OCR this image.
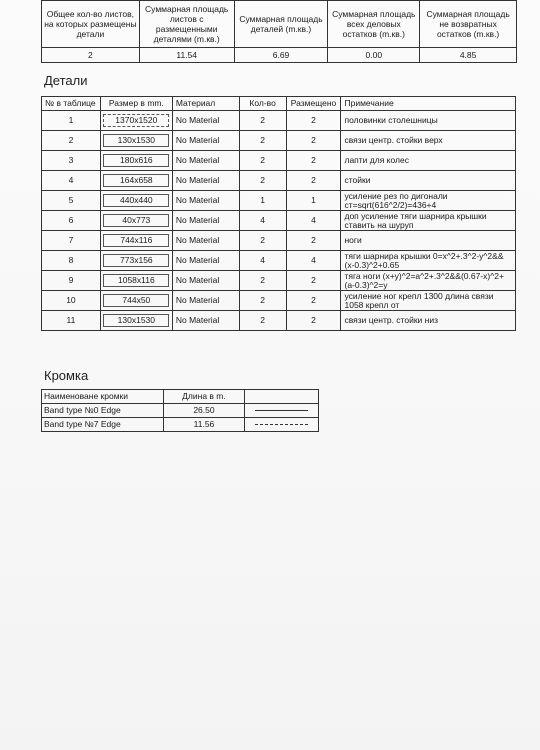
Общее кол-во листов, на которых размещены детали	Суммарная площадь листов с размещенными деталями (m.кв.)	Суммарная площадь деталей (m.кв.)	Суммарная площадь всех деловых остатков (m.кв.)	Суммарная площадь не возвратных остатков (m.кв.)
2	11.54	6.69	0.00	4.85
Детали
№ в таблице	Размер в mm.	Материал	Кол-во	Размещено	Примечание
1	1370x1520	No Material	2	2	половинки столешницы
2	130x1530	No Material	2	2	связи центр. стойки верх
3	180x616	No Material	2	2	лапти для колес
4	164x658	No Material	2	2	стойки
5	440x440	No Material	1	1	усиление рез по дигонали ст=sqrt(616^2/2)=436+4
6	40x773	No Material	4	4	доп усиление тяги шарнира крышки ставить на шуруп
7	744x116	No Material	2	2	ноги
8	773x156	No Material	4	4	тяги шарнира крышки 0=x^2+.3^2-y^2&&(x-0.3)^2+0.65
9	1058x116	No Material	2	2	тяга ноги (x+y)^2=a^2+.3^2&&(0.67-x)^2+(a-0.3)^2=y
10	744x50	No Material	2	2	усиление ног крепл 1300 длина связи 1058 крепл от
11	130x1530	No Material	2	2	связи центр. стойки низ
Кромка
Наименоване кромки	Длина в m.	
Band type №0 Edge	26.50	

Band type №7 Edge	11.56	
